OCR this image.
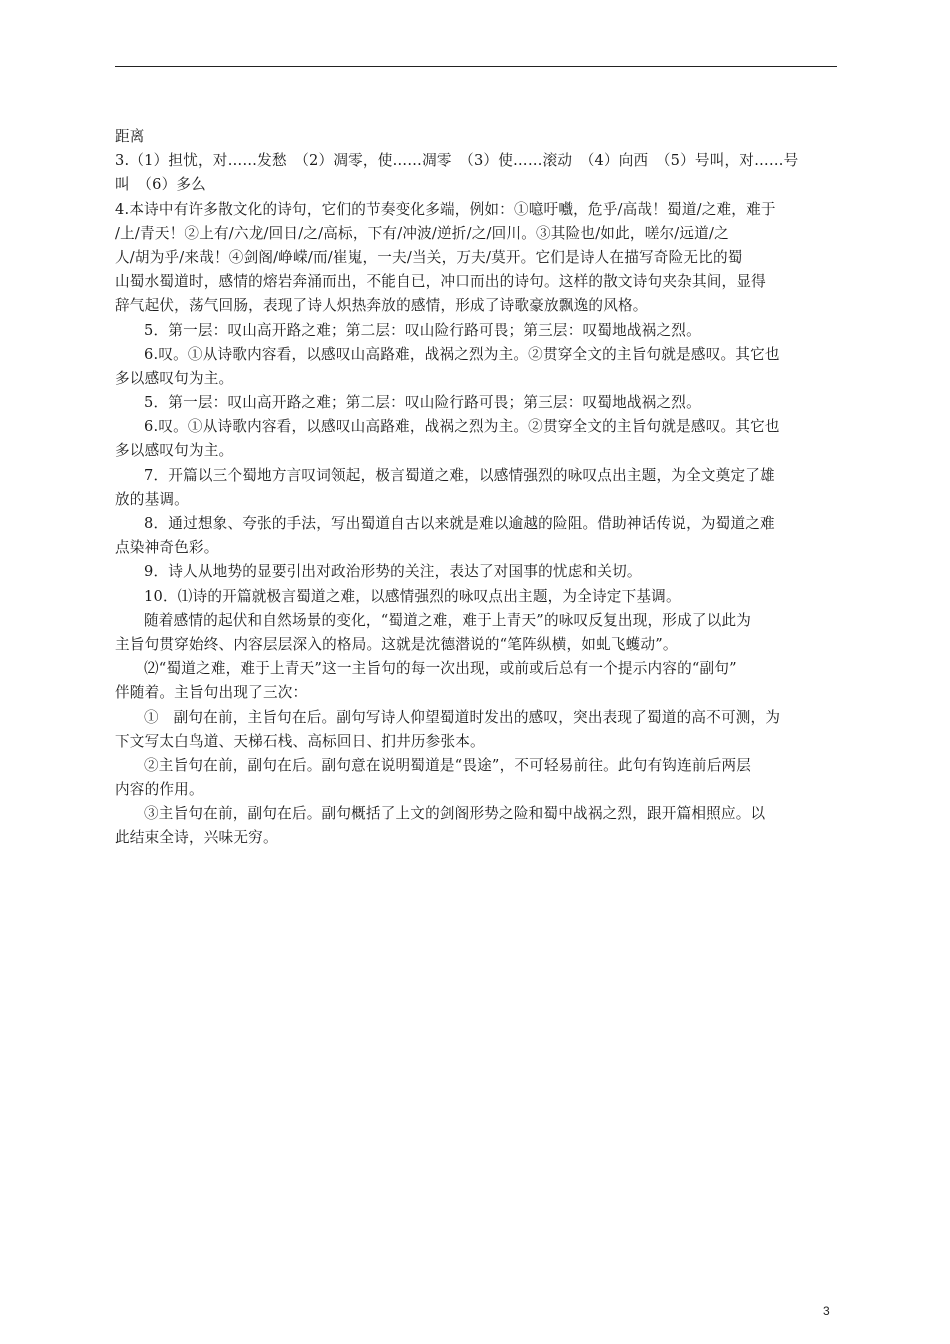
距离
3.（1）担忧，对……发愁　（2）凋零，使……凋零　（3）使……滚动　（4）向西　（5）号叫，对……号
叫　（6）多么
4.本诗中有许多散文化的诗句，它们的节奏变化多端，例如：①噫吁嚱，危乎/高哉！蜀道/之难，难于
/上/青天！②上有/六龙/回日/之/高标，下有/冲波/逆折/之/回川。③其险也/如此，嗟尔/远道/之
人/胡为乎/来哉！④剑阁/峥嵘/而/崔嵬，一夫/当关，万夫/莫开。它们是诗人在描写奇险无比的蜀
山蜀水蜀道时，感情的熔岩奔涌而出，不能自已，冲口而出的诗句。这样的散文诗句夹杂其间，显得
辞气起伏，荡气回肠，表现了诗人炽热奔放的感情，形成了诗歌豪放飘逸的风格。
5．第一层：叹山高开路之难；第二层：叹山险行路可畏；第三层：叹蜀地战祸之烈。
6.叹。①从诗歌内容看，以感叹山高路难，战祸之烈为主。②贯穿全文的主旨句就是感叹。其它也
多以感叹句为主。
5．第一层：叹山高开路之难；第二层：叹山险行路可畏；第三层：叹蜀地战祸之烈。
6.叹。①从诗歌内容看，以感叹山高路难，战祸之烈为主。②贯穿全文的主旨句就是感叹。其它也
多以感叹句为主。
7．开篇以三个蜀地方言叹词领起，极言蜀道之难，以感情强烈的咏叹点出主题，为全文奠定了雄
放的基调。
8．通过想象、夸张的手法，写出蜀道自古以来就是难以逾越的险阻。借助神话传说，为蜀道之难
点染神奇色彩。
9．诗人从地势的显要引出对政治形势的关注，表达了对国事的忧虑和关切。
10．⑴诗的开篇就极言蜀道之难，以感情强烈的咏叹点出主题，为全诗定下基调。
随着感情的起伏和自然场景的变化，“蜀道之难，难于上青天”的咏叹反复出现，形成了以此为
主旨句贯穿始终、内容层层深入的格局。这就是沈德潜说的“笔阵纵横，如虬飞蠖动”。
⑵“蜀道之难，难于上青天”这一主旨句的每一次出现，或前或后总有一个提示内容的“副句”
伴随着。主旨句出现了三次：
①　副句在前，主旨句在后。副句写诗人仰望蜀道时发出的感叹，突出表现了蜀道的高不可测，为
下文写太白鸟道、天梯石栈、高标回日、扪井历参张本。
②主旨句在前，副句在后。副句意在说明蜀道是“畏途”，不可轻易前往。此句有钩连前后两层
内容的作用。
③主旨句在前，副句在后。副句概括了上文的剑阁形势之险和蜀中战祸之烈，跟开篇相照应。以
此结束全诗，兴味无穷。
3
